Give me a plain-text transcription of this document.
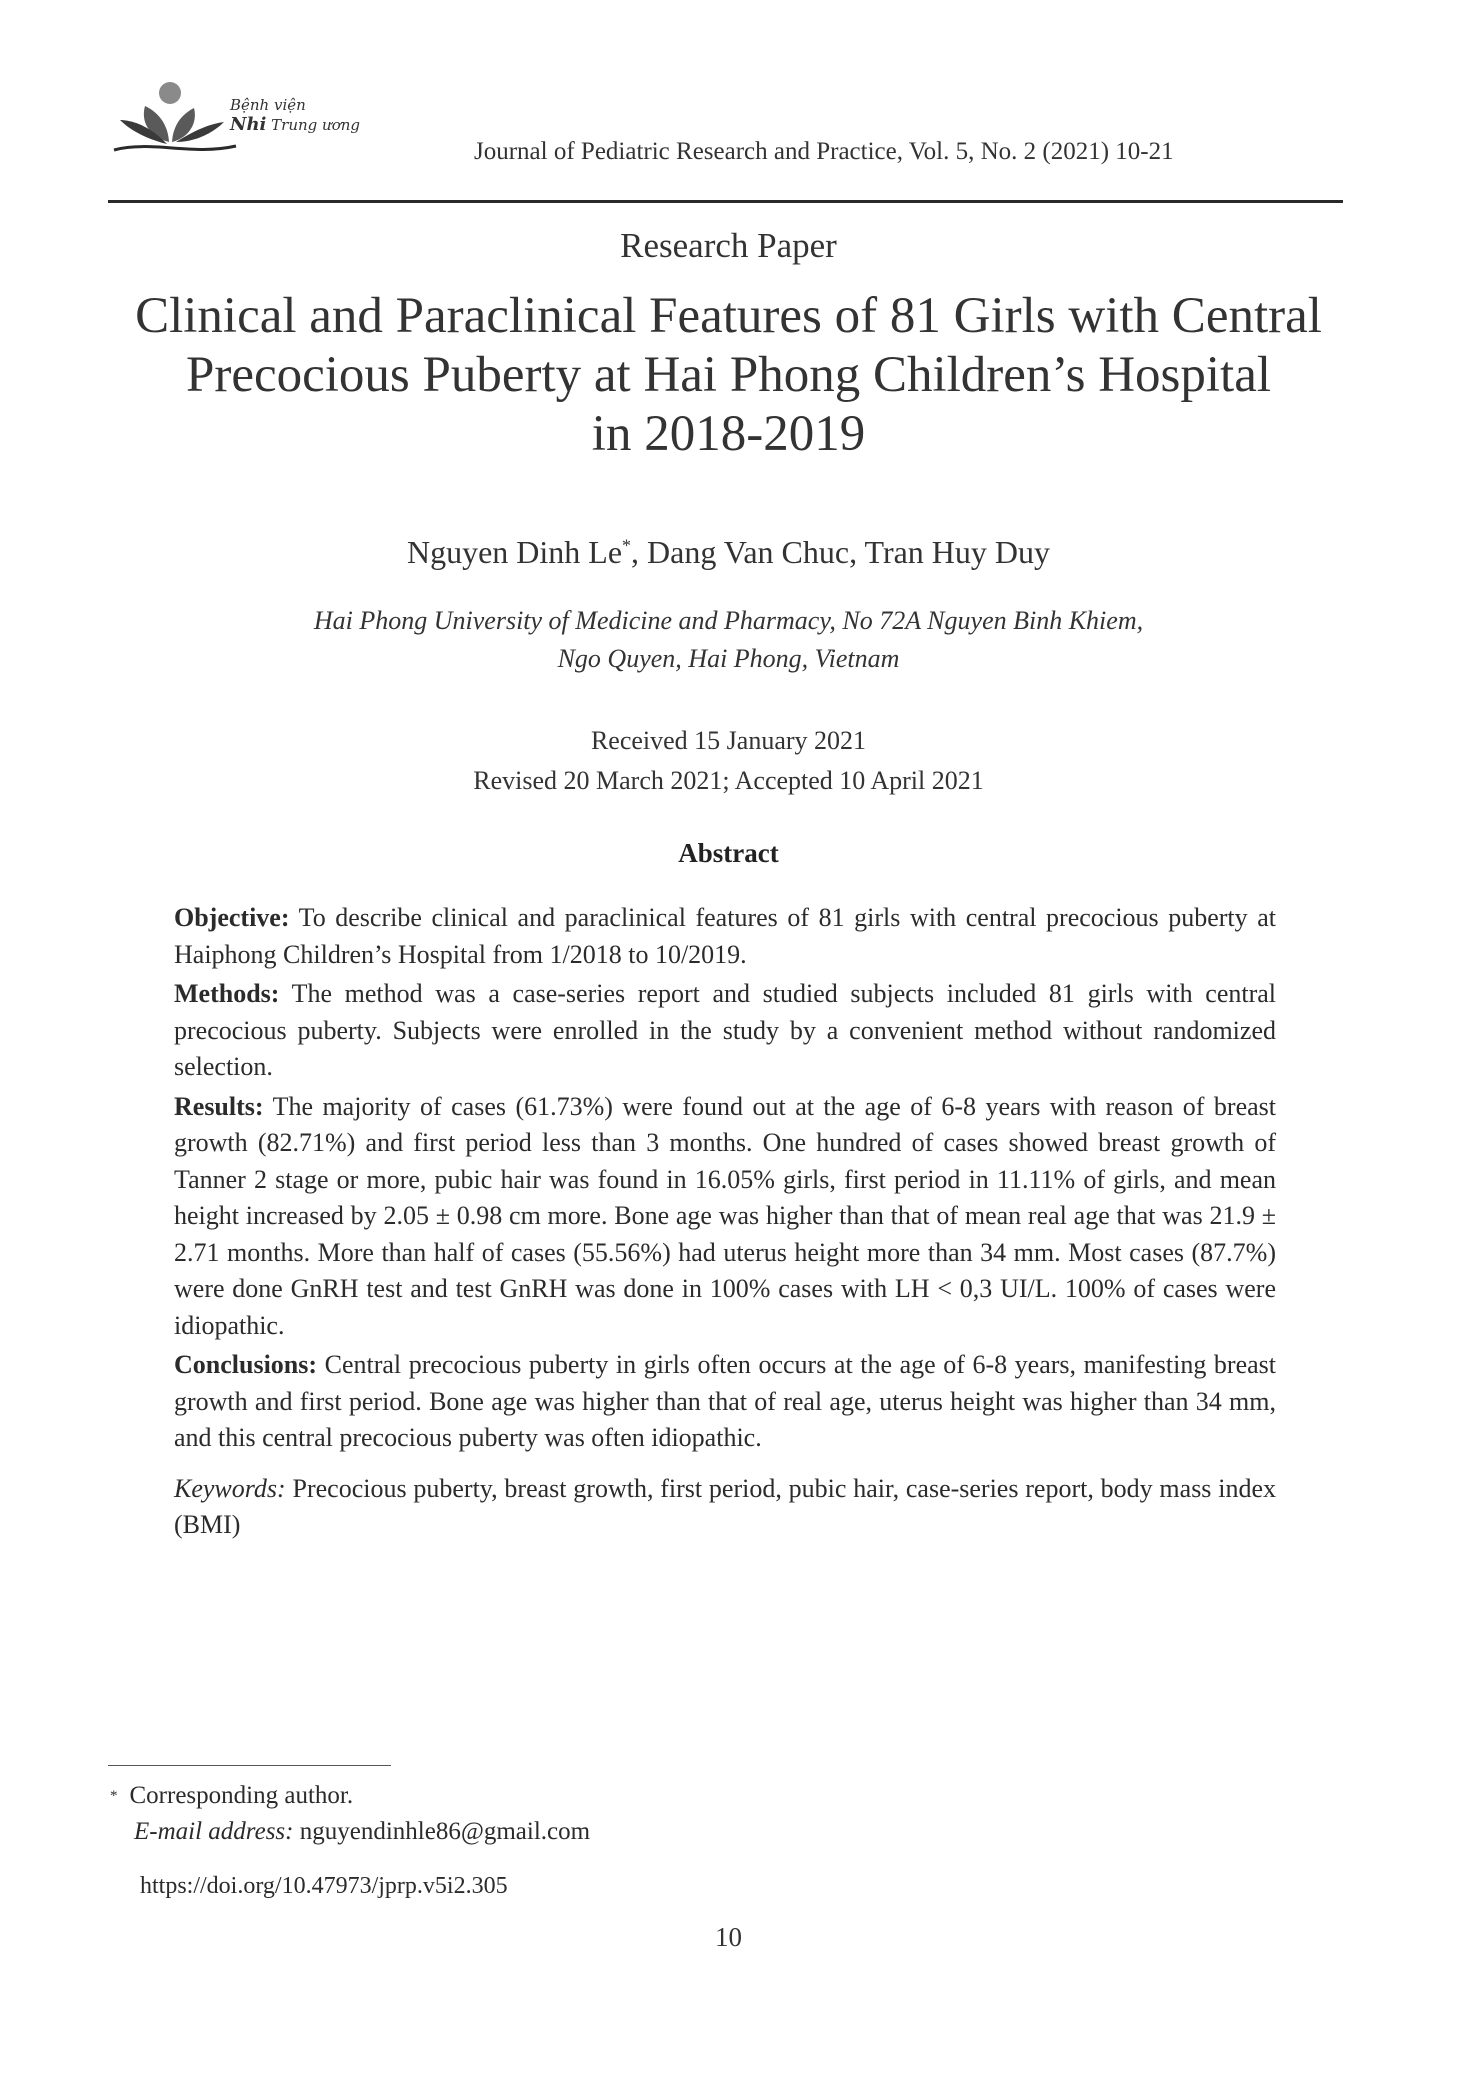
Bệnh viện
Nhi Trung ương
Journal of Pediatric Research and Practice, Vol. 5, No. 2 (2021) 10-21
Research Paper
Clinical and Paraclinical Features of 81 Girls with Central
Precocious Puberty at Hai Phong Children’s Hospital
in 2018-2019
Nguyen Dinh Le*, Dang Van Chuc, Tran Huy Duy
Hai Phong University of Medicine and Pharmacy, No 72A Nguyen Binh Khiem,
Ngo Quyen, Hai Phong, Vietnam
Received 15 January 2021
Revised 20 March 2021; Accepted 10 April 2021
Abstract

Objective: To describe clinical and paraclinical features of 81 girls with central precocious puberty at Haiphong Children’s Hospital from 1/2018 to 10/2019.

Methods: The method was a case-series report and studied subjects included 81 girls with central precocious puberty. Subjects were enrolled in the study by a convenient method without randomized selection.

Results: The majority of cases (61.73%) were found out at the age of 6-8 years with reason of breast growth (82.71%) and first period less than 3 months. One hundred of cases showed breast growth of Tanner 2 stage or more, pubic hair was found in 16.05% girls, first period in 11.11% of girls, and mean height increased by 2.05 ± 0.98 cm more. Bone age was higher than that of mean real age that was 21.9 ± 2.71 months. More than half of cases (55.56%) had uterus height more than 34 mm. Most cases (87.7%) were done GnRH test and test GnRH was done in 100% cases with LH < 0,3 UI/L. 100% of cases were idiopathic.

Conclusions: Central precocious puberty in girls often occurs at the age of 6-8 years, manifesting breast growth and first period. Bone age was higher than that of real age, uterus height was higher than 34 mm, and this central precocious puberty was often idiopathic.

Keywords: Precocious puberty, breast growth, first period, pubic hair, case-series report, body mass index (BMI)

* Corresponding author.
E-mail address: nguyendinhle86@gmail.com
https://doi.org/10.47973/jprp.v5i2.305
10
